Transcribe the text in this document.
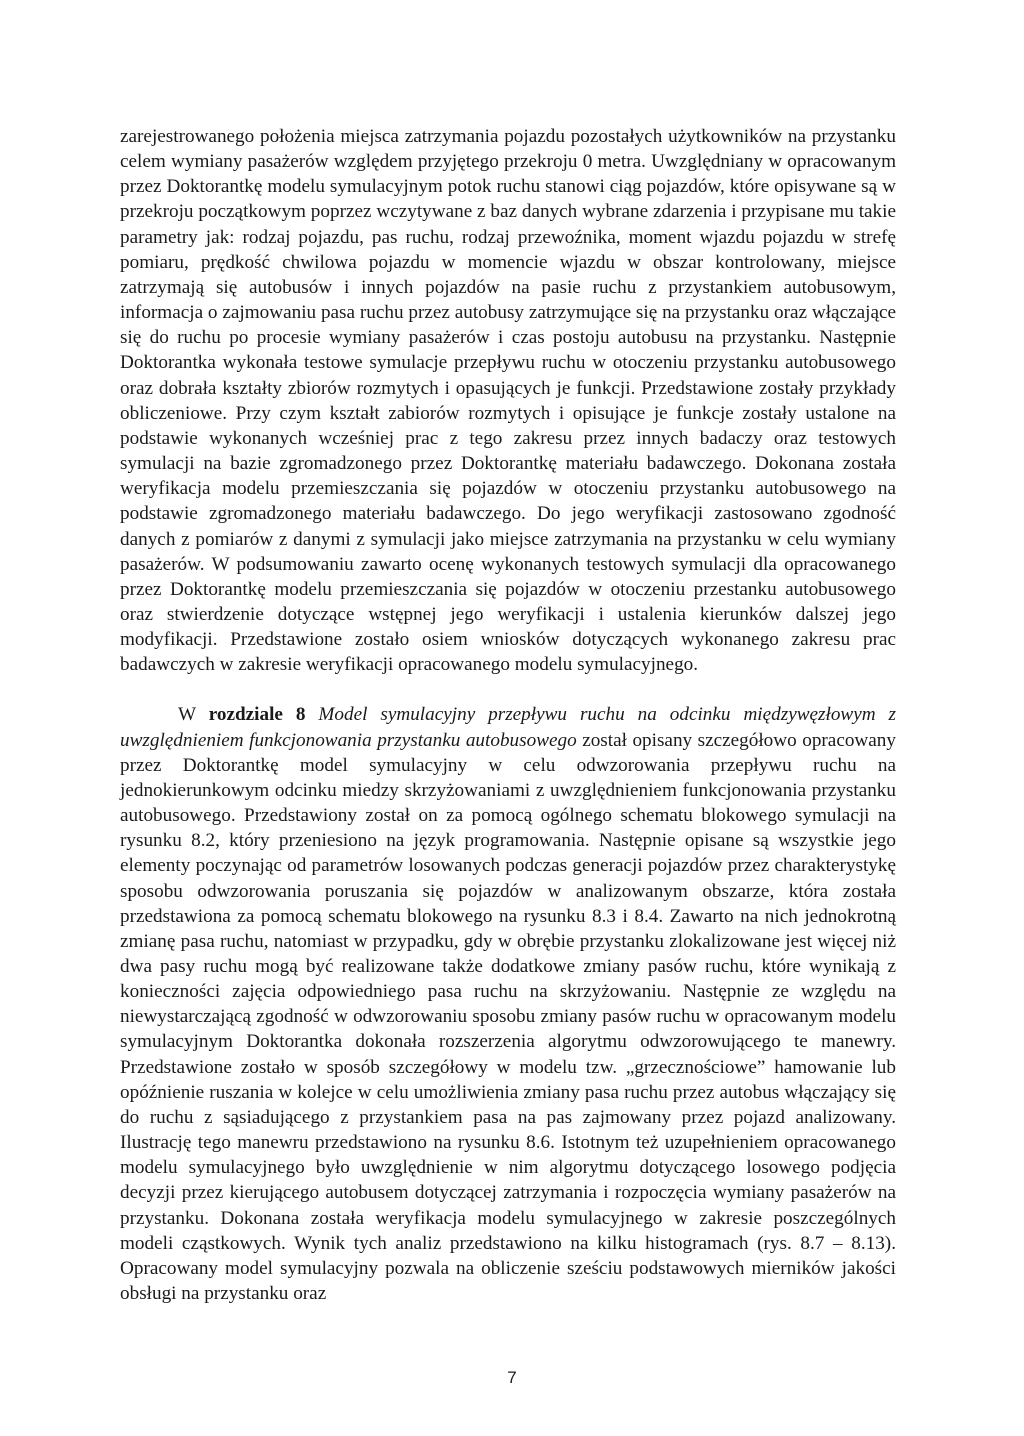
zarejestrowanego położenia miejsca zatrzymania pojazdu pozostałych użytkowników na przystanku celem wymiany pasażerów względem przyjętego przekroju 0 metra. Uwzględniany w opracowanym przez Doktorantkę modelu symulacyjnym potok ruchu stanowi ciąg pojazdów, które opisywane są w przekroju początkowym poprzez wczytywane z baz danych wybrane zdarzenia i przypisane mu takie parametry jak: rodzaj pojazdu, pas ruchu, rodzaj przewoźnika, moment wjazdu pojazdu w strefę pomiaru, prędkość chwilowa pojazdu w momencie wjazdu w obszar kontrolowany, miejsce zatrzymają się autobusów i innych pojazdów na pasie ruchu z przystankiem autobusowym, informacja o zajmowaniu pasa ruchu przez autobusy zatrzymujące się na przystanku oraz włączające się do ruchu po procesie wymiany pasażerów i czas postoju autobusu na przystanku. Następnie Doktorantka wykonała testowe symulacje przepływu ruchu w otoczeniu przystanku autobusowego oraz dobrała kształty zbiorów rozmytych i opasujących je funkcji. Przedstawione zostały przykłady obliczeniowe. Przy czym kształt zabiorów rozmytych i opisujące je funkcje zostały ustalone na podstawie wykonanych wcześniej prac z tego zakresu przez innych badaczy oraz testowych symulacji na bazie zgromadzonego przez Doktorantkę materiału badawczego. Dokonana została weryfikacja modelu przemieszczania się pojazdów w otoczeniu przystanku autobusowego na podstawie zgromadzonego materiału badawczego. Do jego weryfikacji zastosowano zgodność danych z pomiarów z danymi z symulacji jako miejsce zatrzymania na przystanku w celu wymiany pasażerów. W podsumowaniu zawarto ocenę wykonanych testowych symulacji dla opracowanego przez Doktorantkę modelu przemieszczania się pojazdów w otoczeniu przestanku autobusowego oraz stwierdzenie dotyczące wstępnej jego weryfikacji i ustalenia kierunków dalszej jego modyfikacji. Przedstawione zostało osiem wniosków dotyczących wykonanego zakresu prac badawczych w zakresie weryfikacji opracowanego modelu symulacyjnego.

W rozdziale 8 Model symulacyjny przepływu ruchu na odcinku międzywęzłowym z uwzględnieniem funkcjonowania przystanku autobusowego został opisany szczegółowo opracowany przez Doktorantkę model symulacyjny w celu odwzorowania przepływu ruchu na jednokierunkowym odcinku miedzy skrzyżowaniami z uwzględnieniem funkcjonowania przystanku autobusowego. Przedstawiony został on za pomocą ogólnego schematu blokowego symulacji na rysunku 8.2, który przeniesiono na język programowania. Następnie opisane są wszystkie jego elementy poczynając od parametrów losowanych podczas generacji pojazdów przez charakterystykę sposobu odwzorowania poruszania się pojazdów w analizowanym obszarze, która została przedstawiona za pomocą schematu blokowego na rysunku 8.3 i 8.4. Zawarto na nich jednokrotną zmianę pasa ruchu, natomiast w przypadku, gdy w obrębie przystanku zlokalizowane jest więcej niż dwa pasy ruchu mogą być realizowane także dodatkowe zmiany pasów ruchu, które wynikają z konieczności zajęcia odpowiedniego pasa ruchu na skrzyżowaniu. Następnie ze względu na niewystarczającą zgodność w odwzorowaniu sposobu zmiany pasów ruchu w opracowanym modelu symulacyjnym Doktorantka dokonała rozszerzenia algorytmu odwzorowującego te manewry. Przedstawione zostało w sposób szczegółowy w modelu tzw. „grzecznościowe” hamowanie lub opóźnienie ruszania w kolejce w celu umożliwienia zmiany pasa ruchu przez autobus włączający się do ruchu z sąsiadującego z przystankiem pasa na pas zajmowany przez pojazd analizowany. Ilustrację tego manewru przedstawiono na rysunku 8.6. Istotnym też uzupełnieniem opracowanego modelu symulacyjnego było uwzględnienie w nim algorytmu dotyczącego losowego podjęcia decyzji przez kierującego autobusem dotyczącej zatrzymania i rozpoczęcia wymiany pasażerów na przystanku. Dokonana została weryfikacja modelu symulacyjnego w zakresie poszczególnych modeli cząstkowych. Wynik tych analiz przedstawiono na kilku histogramach (rys. 8.7 – 8.13). Opracowany model symulacyjny pozwala na obliczenie sześciu podstawowych mierników jakości obsługi na przystanku oraz

7
